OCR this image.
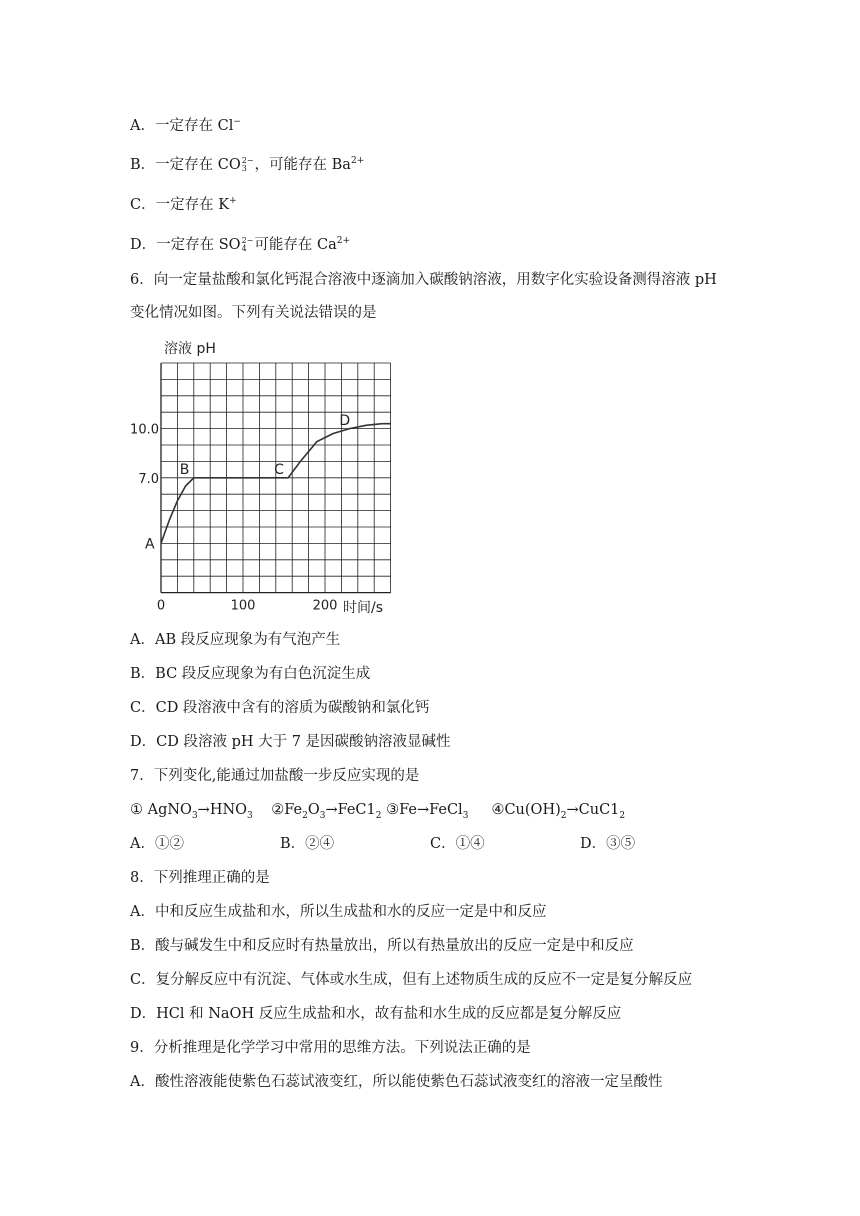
A．一定存在 Cl−
B．一定存在 CO 2−
3 ，可能存在 $Ba^{2+}$
C．一定存在 K+
D．一定存在 SO 2−
4 可能存在 $Ca^{2+}$
6．向一定量盐酸和氯化钙混合溶液中逐滴加入碳酸钠溶液，用数字化实验设备测得溶液 pH
变化情况如图。下列有关说法错误的是
溶液 pH
A
B	C
D
0	100	200
7.0
10.0
时间/s
A．AB 段反应现象为有气泡产生
B．BC 段反应现象为有白色沉淀生成
C．CD 段溶液中含有的溶质为碳酸钠和氯化钙
D．CD 段溶液 pH 大于 7 是因碳酸钠溶液显碱性
7．下列变化,能通过加盐酸一步反应实现的是
① $AgNO_3\to HNO_3$ $②Fe_2O_3\to FeC1_2$ ③Fe→FeCl$_3$ $④Cu(OH)_2\to CuC1_2$
A．①②	B．②④	C．①④	D．③⑤
8．下列推理正确的是
A．中和反应生成盐和水，所以生成盐和水的反应一定是中和反应
B．酸与碱发生中和反应时有热量放出，所以有热量放出的反应一定是中和反应
C．复分解反应中有沉淀、气体或水生成，但有上述物质生成的反应不一定是复分解反应
D．HCl 和 NaOH 反应生成盐和水，故有盐和水生成的反应都是复分解反应
9．分析推理是化学学习中常用的思维方法。下列说法正确的是
A．酸性溶液能使紫色石蕊试液变红，所以能使紫色石蕊试液变红的溶液一定呈酸性
